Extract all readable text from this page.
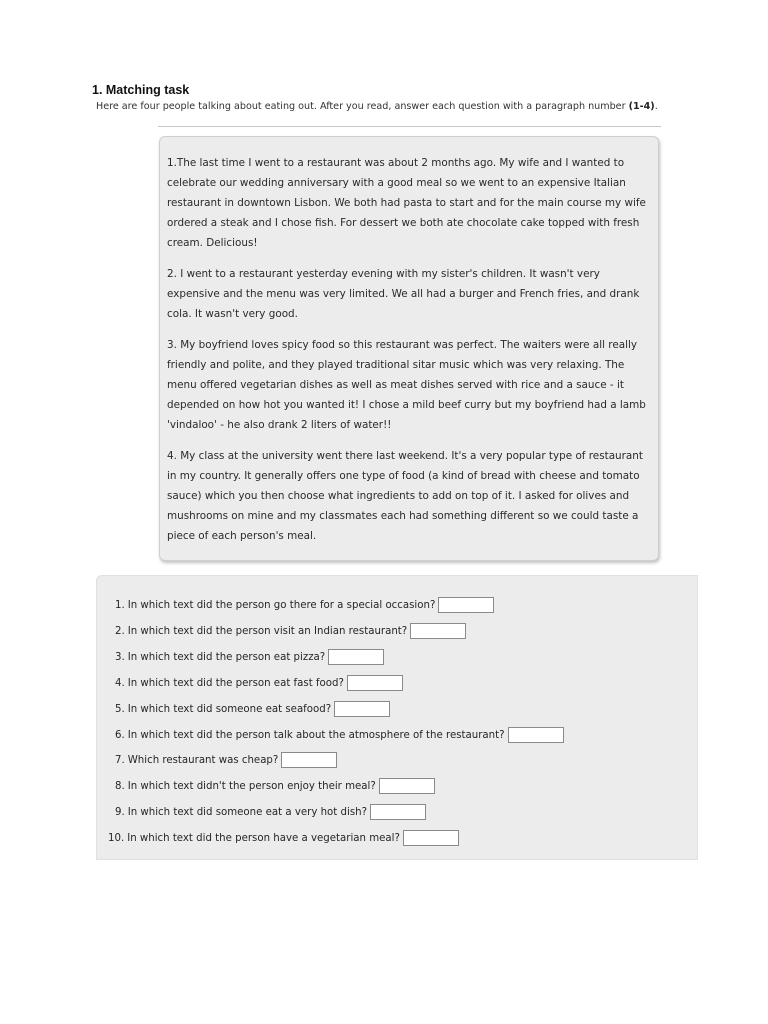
1. Matching task
Here are four people talking about eating out. After you read, answer each question with a paragraph number (1-4).

1.The last time I went to a restaurant was about 2 months ago. My wife and I wanted to celebrate our wedding anniversary with a good meal so we went to an expensive Italian restaurant in downtown Lisbon. We both had pasta to start and for the main course my wife ordered a steak and I chose fish. For dessert we both ate chocolate cake topped with fresh cream. Delicious!

2. I went to a restaurant yesterday evening with my sister's children. It wasn't very expensive and the menu was very limited. We all had a burger and French fries, and drank cola. It wasn't very good.

3. My boyfriend loves spicy food so this restaurant was perfect. The waiters were all really friendly and polite, and they played traditional sitar music which was very relaxing. The menu offered vegetarian dishes as well as meat dishes served with rice and a sauce - it depended on how hot you wanted it! I chose a mild beef curry but my boyfriend had a lamb 'vindaloo' - he also drank 2 liters of water!!

4. My class at the university went there last weekend. It's a very popular type of restaurant in my country. It generally offers one type of food (a kind of bread with cheese and tomato sauce) which you then choose what ingredients to add on top of it. I asked for olives and mushrooms on mine and my classmates each had something different so we could taste a piece of each person's meal.

1. In which text did the person go there for a special occasion?
2. In which text did the person visit an Indian restaurant?
3. In which text did the person eat pizza?
4. In which text did the person eat fast food?
5. In which text did someone eat seafood?
6. In which text did the person talk about the atmosphere of the restaurant?
7. Which restaurant was cheap?
8. In which text didn't the person enjoy their meal?
9. In which text did someone eat a very hot dish?
10. In which text did the person have a vegetarian meal?
